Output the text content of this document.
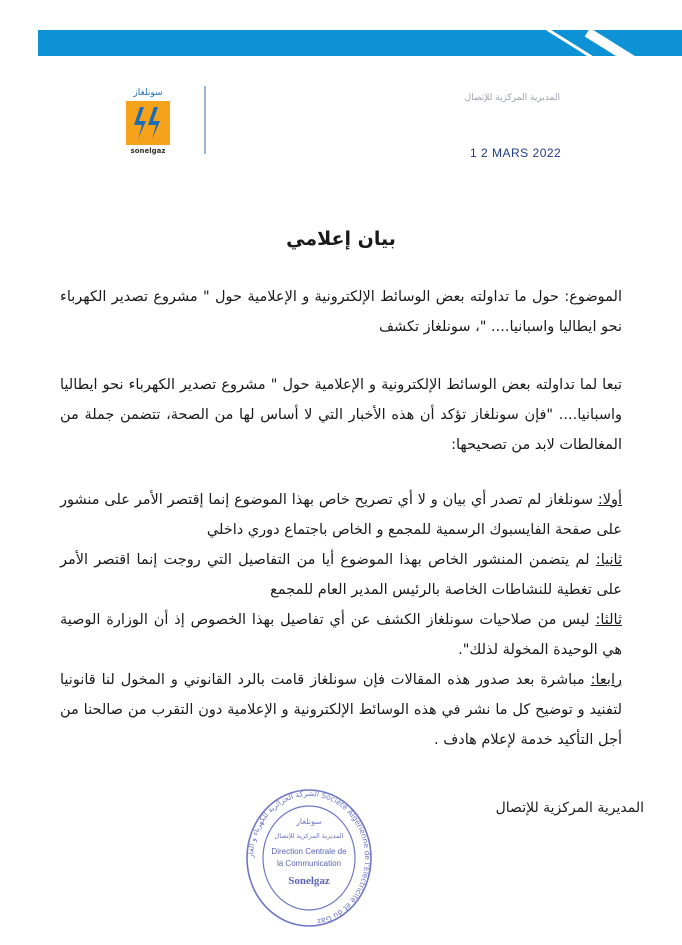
سونلغاز
sonelgaz
المديرية المركزية للإتصال
1 2 MARS 2022
بيان إعلامي
الموضوع: حول ما تداولته بعض الوسائط الإلكترونية و الإعلامية حول " مشروع تصدير الكهرباء نحو ايطاليا واسبانيا.... "، سونلغاز تكشف
تبعا لما تداولته بعض الوسائط الإلكترونية و الإعلامية حول " مشروع تصدير الكهرباء نحو ايطاليا واسبانيا.... "فإن سونلغاز تؤكد أن هذه الأخبار التي لا أساس لها من الصحة، تتضمن جملة من المغالطات لابد من تصحيحها:
أولا: سونلغاز لم تصدر أي بيان و لا أي تصريح خاص بهذا الموضوع إنما إقتصر الأمر على منشور على صفحة الفايسبوك الرسمية للمجمع و الخاص باجتماع دوري داخلي
ثانيا: لم يتضمن المنشور الخاص بهذا الموضوع أيا من التفاصيل التي روجت إنما اقتصر الأمر على تغطية للنشاطات الخاصة بالرئيس المدير العام للمجمع
ثالثا: ليس من صلاحيات سونلغاز الكشف عن أي تفاصيل بهذا الخصوص إذ أن الوزارة الوصية هي الوحيدة المخولة لذلك".
رابعا: مباشرة بعد صدور هذه المقالات فإن سونلغاز قامت بالرد القانوني و المخول لنا قانونيا لتفنيد و توضيح كل ما نشر في هذه الوسائط الإلكترونية و الإعلامية دون التقرب من صالحنا من أجل التأكيد خدمة لإعلام هادف .
المديرية المركزية للإتصال
الشركة الجزائرية للكهرباء و الغاز Société Algérienne de l'Electricité et du Gaz
سونلغاز
المديرية المركزية للإتصال
Direction Centrale de
la Communication
Sonelgaz
